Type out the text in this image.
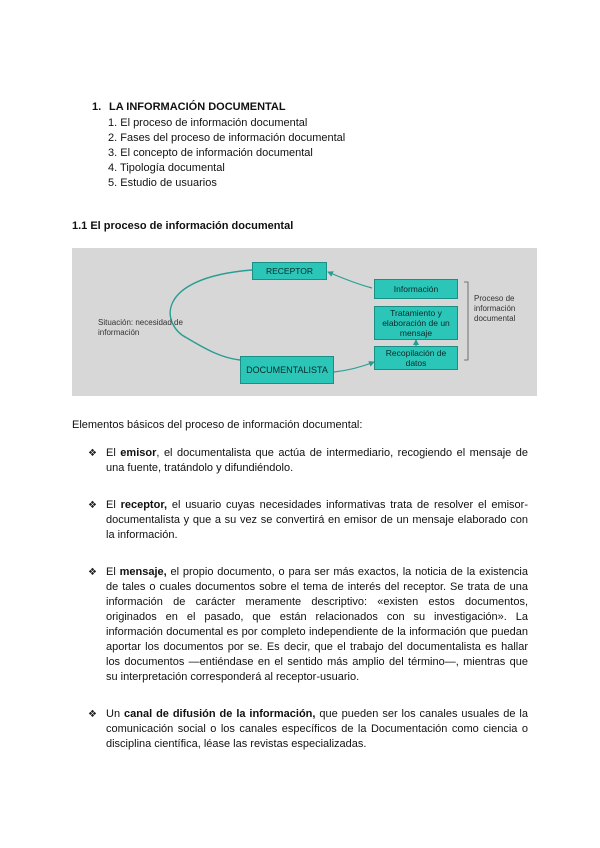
1. LA INFORMACIÓN DOCUMENTAL
1. El proceso de información documental
2. Fases del proceso de información documental
3. El concepto de información documental
4. Tipología documental
5. Estudio de usuarios
1.1 El proceso de información documental
RECEPTOR
Información
Tratamiento y elaboración de un mensaje
Recopilación de datos
DOCUMENTALISTA
Situación: necesidad de información
Proceso de información documental
Elementos básicos del proceso de información documental:
❖ El emisor, el documentalista que actúa de intermediario, recogiendo el mensaje de una fuente, tratándolo y difundiéndolo.
❖ El receptor, el usuario cuyas necesidades informativas trata de resolver el emisor-documentalista y que a su vez se convertirá en emisor de un mensaje elaborado con la información.
❖ El mensaje, el propio documento, o para ser más exactos, la noticia de la existencia de tales o cuales documentos sobre el tema de interés del receptor. Se trata de una información de carácter meramente descriptivo: «existen estos documentos, originados en el pasado, que están relacionados con su investigación». La información documental es por completo independiente de la información que puedan aportar los documentos por se. Es decir, que el trabajo del documentalista es hallar los documentos —entiéndase en el sentido más amplio del término—, mientras que su interpretación corresponderá al receptor-usuario.
❖ Un canal de difusión de la información, que pueden ser los canales usuales de la comunicación social o los canales específicos de la Documentación como ciencia o disciplina científica, léase las revistas especializadas.
